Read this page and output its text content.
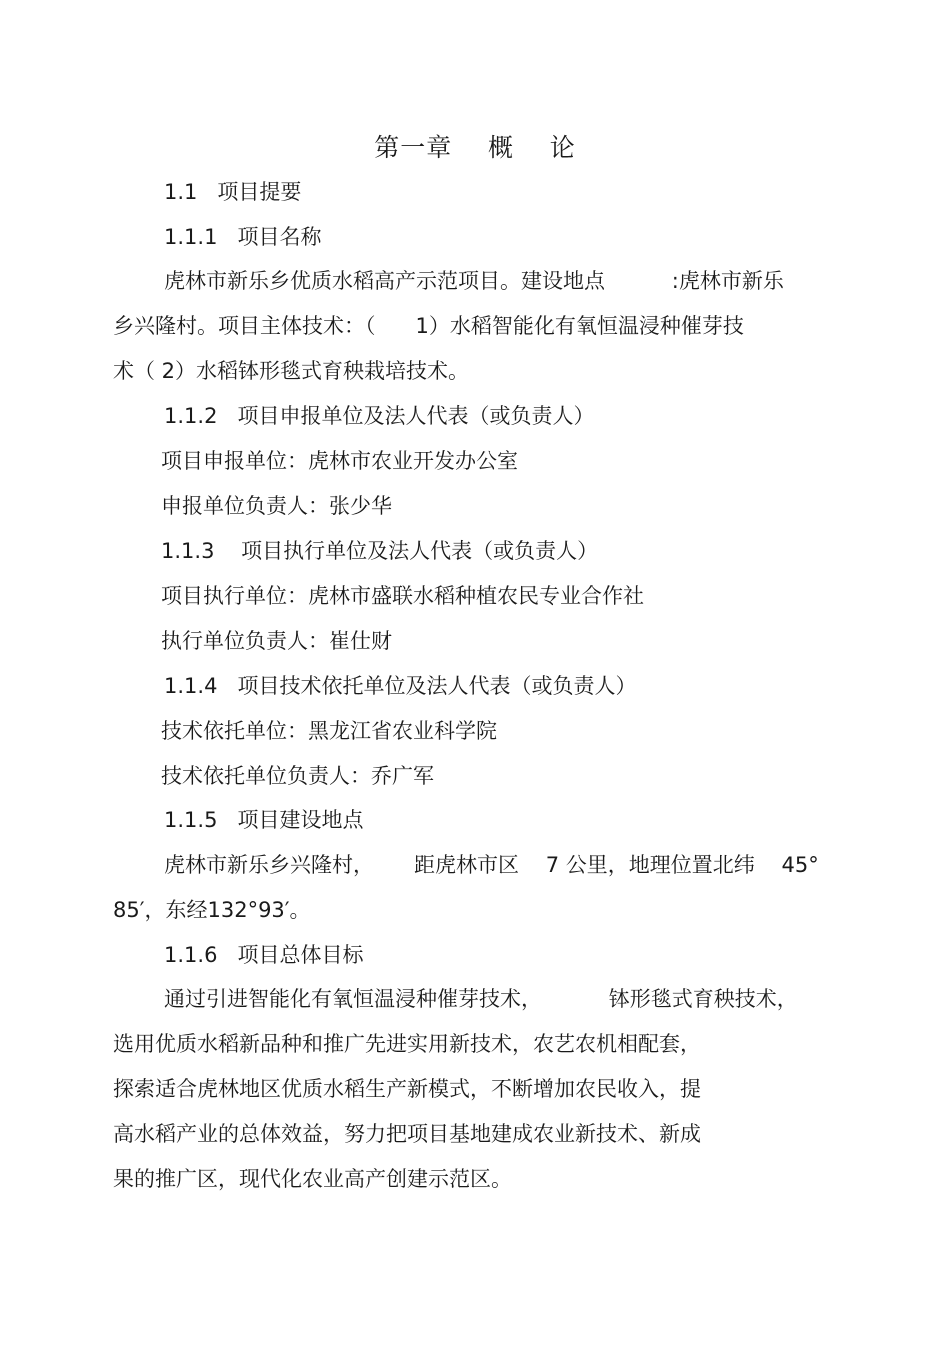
第一章    概    论
1.1   项目提要
1.1.1   项目名称
虎林市新乐乡优质水稻高产示范项目。建设地点          :虎林市新乐
乡兴隆村。项目主体技术：（      1）水稻智能化有氧恒温浸种催芽技
术（ 2）水稻钵形毯式育秧栽培技术。
1.1.2   项目申报单位及法人代表（或负责人）
项目申报单位：虎林市农业开发办公室
申报单位负责人：张少华
1.1.3    项目执行单位及法人代表（或负责人）
项目执行单位：虎林市盛联水稻种植农民专业合作社
执行单位负责人：崔仕财
1.1.4   项目技术依托单位及法人代表（或负责人）
技术依托单位：黑龙江省农业科学院
技术依托单位负责人：乔广军
1.1.5   项目建设地点
虎林市新乐乡兴隆村，      距虎林市区    7 公里，地理位置北纬    45°
85′，东经132°93′。
1.1.6   项目总体目标
通过引进智能化有氧恒温浸种催芽技术，          钵形毯式育秧技术，
选用优质水稻新品种和推广先进实用新技术，农艺农机相配套，
探索适合虎林地区优质水稻生产新模式，不断增加农民收入，提
高水稻产业的总体效益，努力把项目基地建成农业新技术、新成
果的推广区，现代化农业高产创建示范区。
